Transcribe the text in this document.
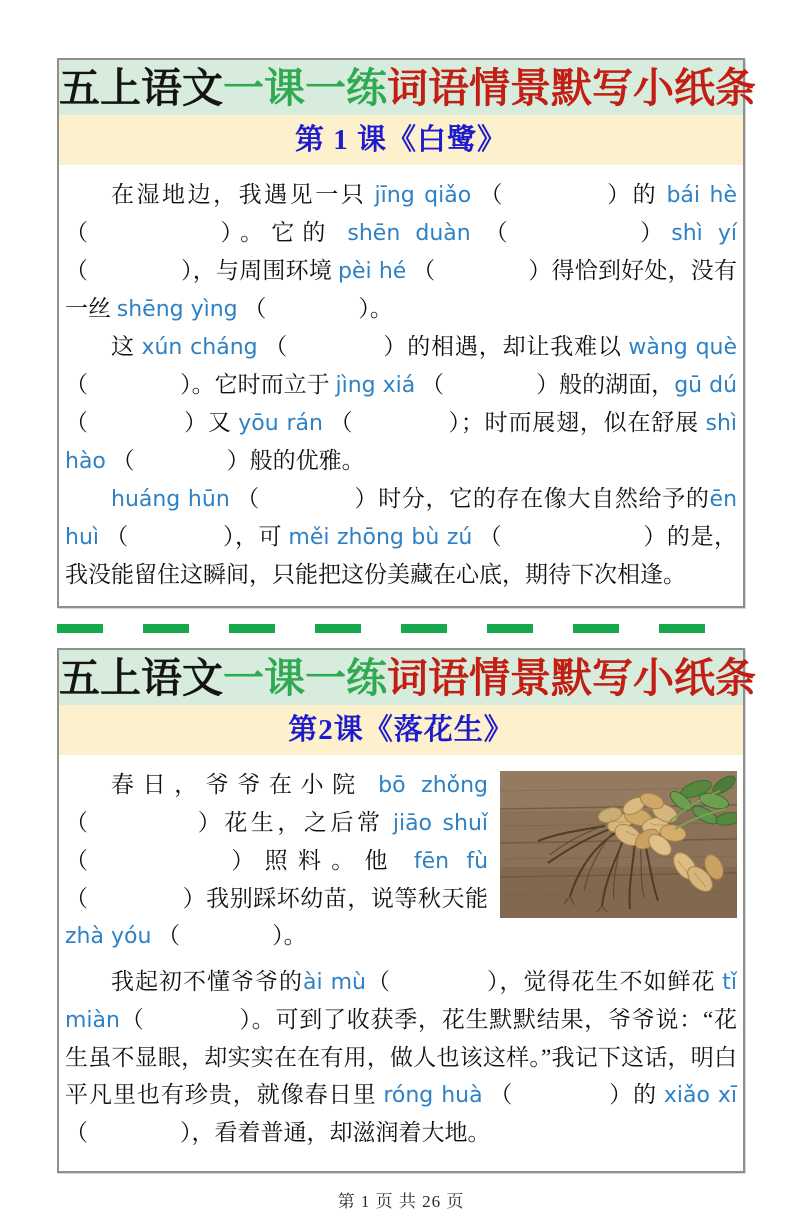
五上语文一课一练词语情景默写小纸条
第 1 课《白鹭》

在湿地边，我遇见一只 jīng qiǎo （　　　　）的 bái hè （　　　　）。它的 shēn duàn （　　　　）shì yí （　　　　），与周围环境 pèi hé （　　　　）得恰到好处，没有一丝 shēng yìng （　　　　）。

这 xún cháng （　　　　）的相遇，却让我难以 wàng què （　　　　）。它时而立于 jìng xiá （　　　　）般的湖面，gū dú （　　　　）又 yōu rán （　　　　）；时而展翅，似在舒展 shì hào （　　　　）般的优雅。

huáng hūn （　　　　）时分，它的存在像大自然给予的ēn huì （　　　　），可 měi zhōng bù zú （　　　　　　）的是，我没能留住这瞬间，只能把这份美藏在心底，期待下次相逢。

五上语文一课一练词语情景默写小纸条
第2课《落花生》

春日，爷爷在小院 bō zhǒng （　　　　）花生，之后常 jiāo shuǐ （　　　　）照料。他 fēn fù （　　　　）我别踩坏幼苗，说等秋天能 zhà yóu （　　　　）。

我起初不懂爷爷的ài mù（　　　　），觉得花生不如鲜花 tǐ miàn（　　　　）。可到了收获季，花生默默结果，爷爷说：“花生虽不显眼，却实实在在有用，做人也该这样。”我记下这话，明白平凡里也有珍贵，就像春日里 róng huà （　　　　）的 xiǎo xī （　　　　），看着普通，却滋润着大地。

第 1 页 共 26 页
